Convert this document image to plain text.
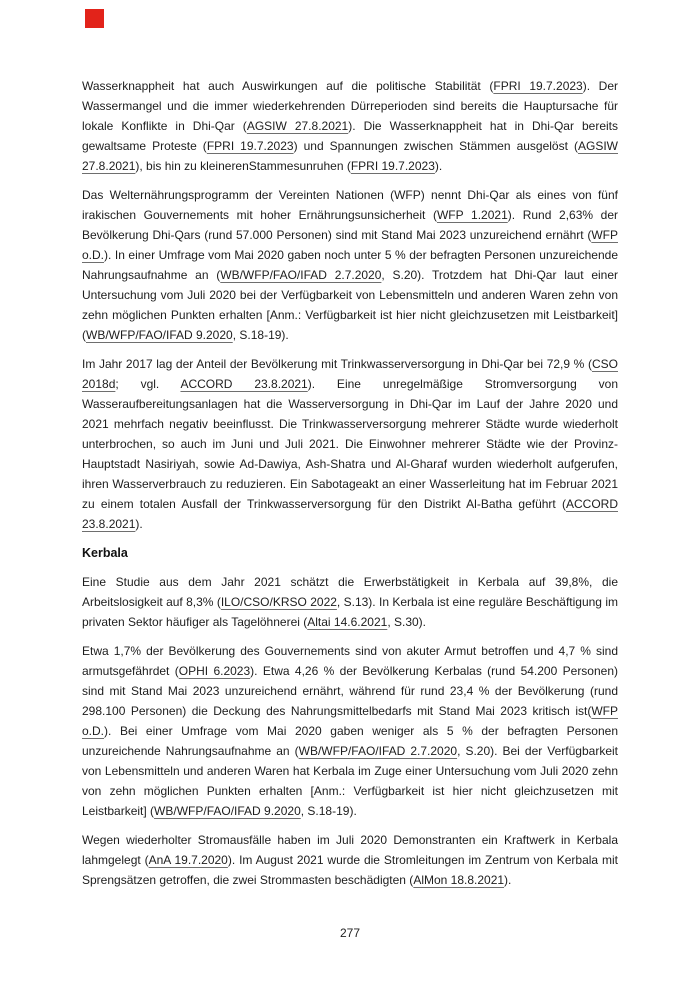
Wasserknappheit hat auch Auswirkungen auf die politische Stabilität (FPRI 19.7.2023). Der Wassermangel und die immer wiederkehrenden Dürreperioden sind bereits die Hauptursache für lokale Konflikte in Dhi-Qar (AGSIW 27.8.2021). Die Wasserknappheit hat in Dhi-Qar bereits gewaltsame Proteste (FPRI 19.7.2023) und Spannungen zwischen Stämmen ausgelöst (AGSIW 27.8.2021), bis hin zu kleinerenStammesunruhen (FPRI 19.7.2023).

Das Welternährungsprogramm der Vereinten Nationen (WFP) nennt Dhi-Qar als eines von fünf irakischen Gouvernements mit hoher Ernährungsunsicherheit (WFP 1.2021). Rund 2,63% der Bevölkerung Dhi-Qars (rund 57.000 Personen) sind mit Stand Mai 2023 unzureichend ernährt (WFP o.D.). In einer Umfrage vom Mai 2020 gaben noch unter 5 % der befragten Personen unzureichende Nahrungsaufnahme an (WB/WFP/FAO/IFAD 2.7.2020, S.20). Trotzdem hat Dhi-Qar laut einer Untersuchung vom Juli 2020 bei der Verfügbarkeit von Lebensmitteln und anderen Waren zehn von zehn möglichen Punkten erhalten [Anm.: Verfügbarkeit ist hier nicht gleichzusetzen mit Leistbarkeit] (WB/WFP/FAO/IFAD 9.2020, S.18-19).

Im Jahr 2017 lag der Anteil der Bevölkerung mit Trinkwasserversorgung in Dhi-Qar bei 72,9 % (CSO 2018d; vgl. ACCORD 23.8.2021). Eine unregelmäßige Stromversorgung von Wasseraufbereitungsanlagen hat die Wasserversorgung in Dhi-Qar im Lauf der Jahre 2020 und 2021 mehrfach negativ beeinflusst. Die Trinkwasserversorgung mehrerer Städte wurde wiederholt unterbrochen, so auch im Juni und Juli 2021. Die Einwohner mehrerer Städte wie der Provinz-Hauptstadt Nasiriyah, sowie Ad-Dawiya, Ash-Shatra und Al-Gharaf wurden wiederholt aufgerufen, ihren Wasserverbrauch zu reduzieren. Ein Sabotageakt an einer Wasserleitung hat im Februar 2021 zu einem totalen Ausfall der Trinkwasserversorgung für den Distrikt Al-Batha geführt (ACCORD 23.8.2021).

Kerbala

Eine Studie aus dem Jahr 2021 schätzt die Erwerbstätigkeit in Kerbala auf 39,8%, die Arbeitslosigkeit auf 8,3% (ILO/CSO/KRSO 2022, S.13). In Kerbala ist eine reguläre Beschäftigung im privaten Sektor häufiger als Tagelöhnerei (Altai 14.6.2021, S.30).

Etwa 1,7% der Bevölkerung des Gouvernements sind von akuter Armut betroffen und 4,7 % sind armutsgefährdet (OPHI 6.2023). Etwa 4,26 % der Bevölkerung Kerbalas (rund 54.200 Personen) sind mit Stand Mai 2023 unzureichend ernährt, während für rund 23,4 % der Bevölkerung (rund 298.100 Personen) die Deckung des Nahrungsmittelbedarfs mit Stand Mai 2023 kritisch ist(WFP o.D.). Bei einer Umfrage vom Mai 2020 gaben weniger als 5 % der befragten Personen unzureichende Nahrungsaufnahme an (WB/WFP/FAO/IFAD 2.7.2020, S.20). Bei der Verfügbarkeit von Lebensmitteln und anderen Waren hat Kerbala im Zuge einer Untersuchung vom Juli 2020 zehn von zehn möglichen Punkten erhalten [Anm.: Verfügbarkeit ist hier nicht gleichzusetzen mit Leistbarkeit] (WB/WFP/FAO/IFAD 9.2020, S.18-19).

Wegen wiederholter Stromausfälle haben im Juli 2020 Demonstranten ein Kraftwerk in Kerbala lahmgelegt (AnA 19.7.2020). Im August 2021 wurde die Stromleitungen im Zentrum von Kerbala mit Sprengsätzen getroffen, die zwei Strommasten beschädigten (AlMon 18.8.2021).

277
